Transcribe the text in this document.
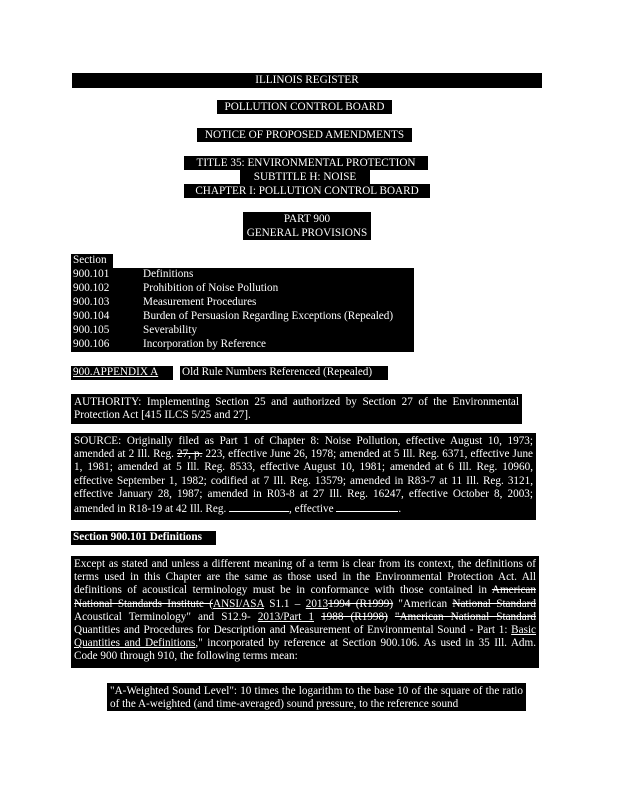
ILLINOIS REGISTER
POLLUTION CONTROL BOARD
NOTICE OF PROPOSED AMENDMENTS
TITLE 35: ENVIRONMENTAL PROTECTION
SUBTITLE H: NOISE
CHAPTER I: POLLUTION CONTROL BOARD
PART 900
GENERAL PROVISIONS
Section
900.101	Definitions
900.102	Prohibition of Noise Pollution
900.103	Measurement Procedures
900.104	Burden of Persuasion Regarding Exceptions (Repealed)
900.105	Severability
900.106	Incorporation by Reference
900.APPENDIX A	Old Rule Numbers Referenced (Repealed)
AUTHORITY: Implementing Section 25 and authorized by Section 27 of the Environmental Protection Act [415 ILCS 5/25 and 27].

SOURCE: Originally filed as Part 1 of Chapter 8: Noise Pollution, effective August 10, 1973; amended at 2 Ill. Reg. 27, p. 223, effective June 26, 1978; amended at 5 Ill. Reg. 6371, effective June 1, 1981; amended at 5 Ill. Reg. 8533, effective August 10, 1981; amended at 6 Ill. Reg. 10960, effective September 1, 1982; codified at 7 Ill. Reg. 13579; amended in R83-7 at 11 Ill. Reg. 3121, effective January 28, 1987; amended in R03-8 at 27 Ill. Reg. 16247, effective October 8, 2003; amended in R18-19 at 42 Ill. Reg.	, effective	.

Section 900.101 Definitions

Except as stated and unless a different meaning of a term is clear from its context, the definitions of terms used in this Chapter are the same as those used in the Environmental Protection Act. All definitions of acoustical terminology must be in conformance with those contained in American National Standards Institute (ANSI/ASA S1.1 – 20131994 (R1999) "American National Standard Acoustical Terminology" and S12.9- 2013/Part 1 1988 (R1998) "American National Standard Quantities and Procedures for Description and Measurement of Environmental Sound - Part 1: Basic Quantities and Definitions," incorporated by reference at Section 900.106. As used in 35 Ill. Adm. Code 900 through 910, the following terms mean:

"A-Weighted Sound Level": 10 times the logarithm to the base 10 of the square of the ratio of the A-weighted (and time-averaged) sound pressure, to the reference sound
